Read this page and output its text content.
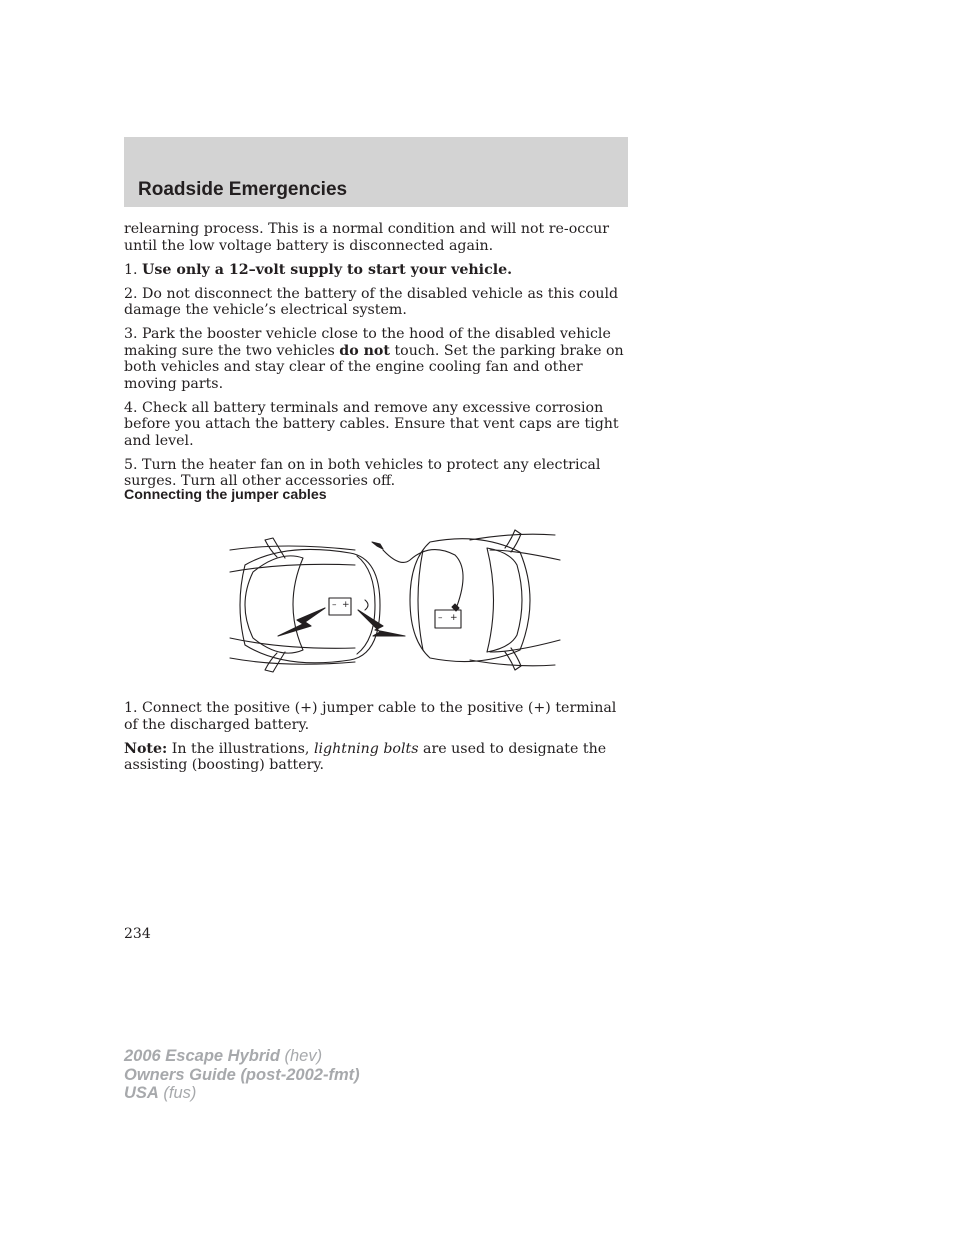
Roadside Emergencies

relearning process. This is a normal condition and will not re-occur until the low voltage battery is disconnected again.

1. Use only a 12–volt supply to start your vehicle.

2. Do not disconnect the battery of the disabled vehicle as this could damage the vehicle’s electrical system.

3. Park the booster vehicle close to the hood of the disabled vehicle making sure the two vehicles do not touch. Set the parking brake on both vehicles and stay clear of the engine cooling fan and other moving parts.

4. Check all battery terminals and remove any excessive corrosion before you attach the battery cables. Ensure that vent caps are tight and level.

5. Turn the heater fan on in both vehicles to protect any electrical surges. Turn all other accessories off.

Connecting the jumper cables
– +
– +

1. Connect the positive (+) jumper cable to the positive (+) terminal of the discharged battery.

Note: In the illustrations, lightning bolts are used to designate the assisting (boosting) battery.

234
2006 Escape Hybrid (hev)
Owners Guide (post-2002-fmt)
USA (fus)
